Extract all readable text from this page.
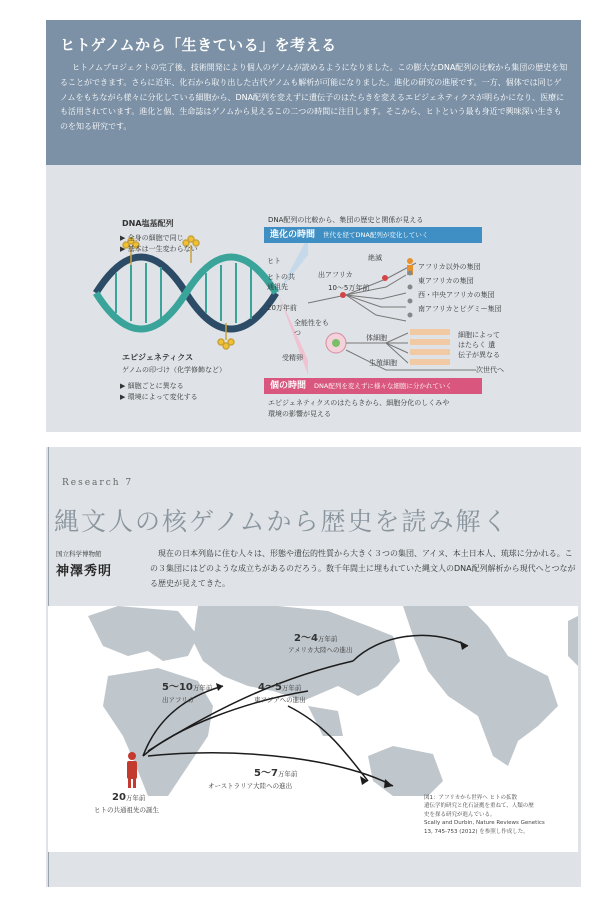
ヒトゲノムから「生きている」を考える
ヒトノムプロジェクトの完了後、技術開発により個人のゲノムが読めるようになりました。この膨大なDNA配列の比較から集団の歴史を知ることができます。さらに近年、化石から取り出した古代ゲノムも解析が可能になりました。進化の研究の進展です。一方、個体では同じゲノムをもちながら様々に分化している細胞から、DNA配列を変えずに遺伝子のはたらきを変えるエピジェネティクスが明らかになり、医療にも活用されています。進化と個、生命誌はゲノムから見えるこの二つの時間に注目します。そこから、ヒトという最も身近で興味深い生きものを知る研究です。
DNA塩基配列
▶ 全身の細胞で同じ
▶ 基本は一生変わらない
エピジェネティクス
ゲノムの印づけ（化学修飾など）
▶ 細胞ごとに異なる
▶ 環境によって変化する
DNA配列の比較から、集団の歴史と関係が見える
進化の時間 世代を経てDNA配列が変化していく
ヒト
ヒトの共通祖先
20万年前
出アフリカ
10〜5万年前
絶滅
アフリカ以外の集団
東アフリカの集団
西・中央アフリカの集団
南アフリカとピグミー集団
全能性をもつ
受精卵
体細胞
生殖細胞
次世代へ
細胞によって はたらく 遺伝子が異なる
個の時間 DNA配列を変えずに様々な細胞に分かれていく
エピジェネティクスのはたらきから、細胞分化のしくみや
環境の影響が見える
Research 7
縄文人の核ゲノムから歴史を読み解く
国立科学博物館
神澤秀明
現在の日本列島に住む人々は、形態や遺伝的性質から大きく３つの集団、アイヌ、本土日本人、琉球に分かれる。この３集団にはどのような成立ちがあるのだろう。数千年間土に埋もれていた縄文人のDNA配列解析から現代へとつながる歴史が見えてきた。
20万年前
ヒトの共通祖先の誕生
5〜10万年前
出アフリカ
4〜5万年前
東アジアへの進出
2〜4万年前
アメリカ大陸への進出
5〜7万年前
オーストラリア大陸への進出
図1：アフリカから世界へ ヒトの拡散
遺伝学的研究と化石証拠を重ねて、人類の歴
史を探る研究が進んでいる。
Scally and Durbin, Nature Reviews Genetics
13, 745-753 (2012) を参照し作成した。
